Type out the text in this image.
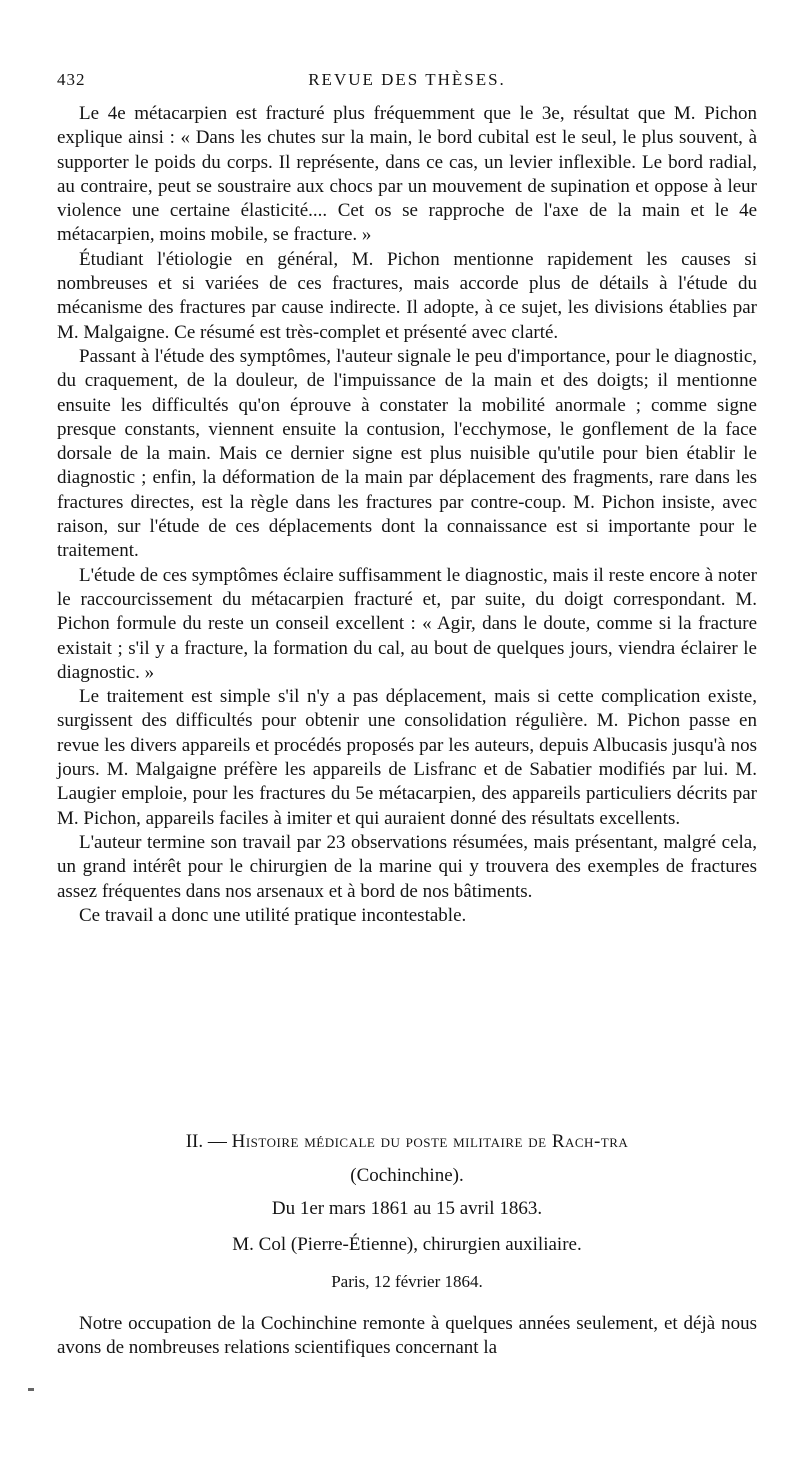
432	REVUE DES THÈSES.

Le 4e métacarpien est fracturé plus fréquemment que le 3e, résultat que M. Pichon explique ainsi : « Dans les chutes sur la main, le bord cubital est le seul, le plus souvent, à supporter le poids du corps. Il représente, dans ce cas, un levier inflexible. Le bord radial, au contraire, peut se soustraire aux chocs par un mouvement de supination et oppose à leur violence une certaine élasticité.... Cet os se rapproche de l'axe de la main et le 4e métacarpien, moins mobile, se fracture. »

Étudiant l'étiologie en général, M. Pichon mentionne rapidement les causes si nombreuses et si variées de ces fractures, mais accorde plus de détails à l'étude du mécanisme des fractures par cause indirecte. Il adopte, à ce sujet, les divisions établies par M. Malgaigne. Ce résumé est très-complet et présenté avec clarté.

Passant à l'étude des symptômes, l'auteur signale le peu d'importance, pour le diagnostic, du craquement, de la douleur, de l'impuissance de la main et des doigts; il mentionne ensuite les difficultés qu'on éprouve à constater la mobilité anormale ; comme signe presque constants, viennent ensuite la contusion, l'ecchymose, le gonflement de la face dorsale de la main. Mais ce dernier signe est plus nuisible qu'utile pour bien établir le diagnostic ; enfin, la déformation de la main par déplacement des fragments, rare dans les fractures directes, est la règle dans les fractures par contre-coup. M. Pichon insiste, avec raison, sur l'étude de ces déplacements dont la connaissance est si importante pour le traitement.

L'étude de ces symptômes éclaire suffisamment le diagnostic, mais il reste encore à noter le raccourcissement du métacarpien fracturé et, par suite, du doigt correspondant. M. Pichon formule du reste un conseil excellent : « Agir, dans le doute, comme si la fracture existait ; s'il y a fracture, la formation du cal, au bout de quelques jours, viendra éclairer le diagnostic. »

Le traitement est simple s'il n'y a pas déplacement, mais si cette complication existe, surgissent des difficultés pour obtenir une consolidation régulière. M. Pichon passe en revue les divers appareils et procédés proposés par les auteurs, depuis Albucasis jusqu'à nos jours. M. Malgaigne préfère les appareils de Lisfranc et de Sabatier modifiés par lui. M. Laugier emploie, pour les fractures du 5e métacarpien, des appareils particuliers décrits par M. Pichon, appareils faciles à imiter et qui auraient donné des résultats excellents.

L'auteur termine son travail par 23 observations résumées, mais présentant, malgré cela, un grand intérêt pour le chirurgien de la marine qui y trouvera des exemples de fractures assez fréquentes dans nos arsenaux et à bord de nos bâtiments.

Ce travail a donc une utilité pratique incontestable.

II. — Histoire médicale du poste militaire de Rach-tra
(Cochinchine).
Du 1er mars 1861 au 15 avril 1863.
M. Col (Pierre-Étienne), chirurgien auxiliaire.
Paris, 12 février 1864.

Notre occupation de la Cochinchine remonte à quelques années seulement, et déjà nous avons de nombreuses relations scientifiques concernant la
